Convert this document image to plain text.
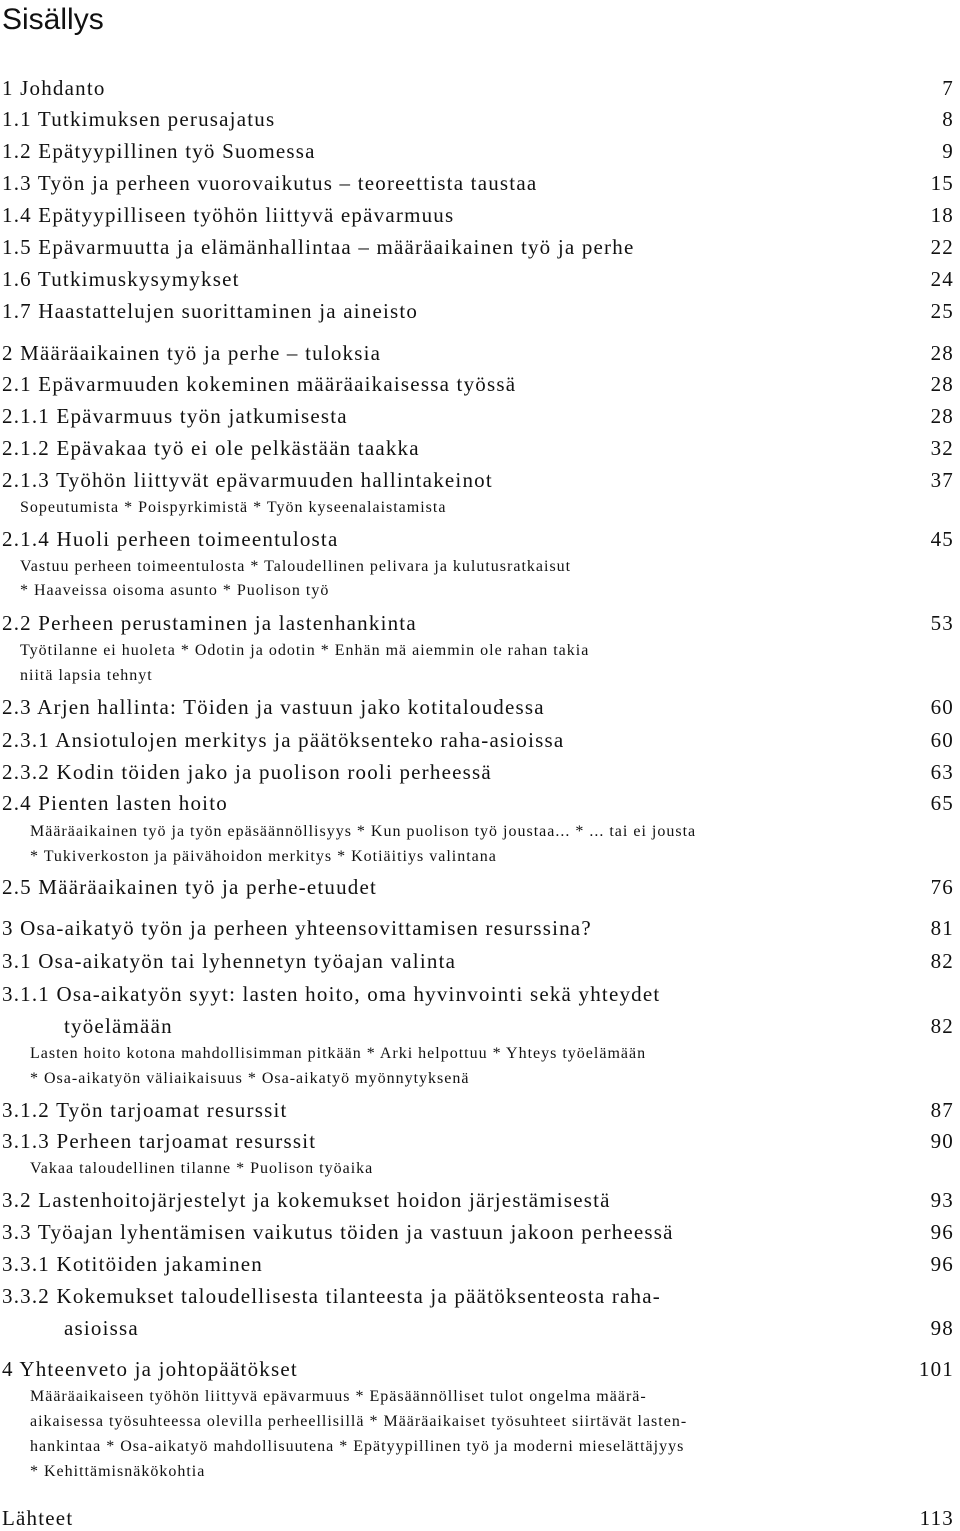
Sisällys
1 Johdanto	7
1.1 Tutkimuksen perusajatus	8
1.2 Epätyypillinen työ Suomessa	9
1.3 Työn ja perheen vuorovaikutus – teoreettista taustaa	15
1.4 Epätyypilliseen työhön liittyvä epävarmuus	18
1.5 Epävarmuutta ja elämänhallintaa – määräaikainen työ ja perhe	22
1.6 Tutkimuskysymykset	24
1.7 Haastattelujen suorittaminen ja aineisto	25
2 Määräaikainen työ ja perhe – tuloksia	28
2.1 Epävarmuuden kokeminen määräaikaisessa työssä	28
2.1.1 Epävarmuus työn jatkumisesta	28
2.1.2 Epävakaa työ ei ole pelkästään taakka	32
2.1.3 Työhön liittyvät epävarmuuden hallintakeinot	37
Sopeutumista * Poispyrkimistä * Työn kyseenalaistamista
2.1.4 Huoli perheen toimeentulosta	45
Vastuu perheen toimeentulosta * Taloudellinen pelivara ja kulutusratkaisut
* Haaveissa oisoma asunto * Puolison työ
2.2 Perheen perustaminen ja lastenhankinta	53
Työtilanne ei huoleta * Odotin ja odotin * Enhän mä aiemmin ole rahan takia
niitä lapsia tehnyt
2.3 Arjen hallinta: Töiden ja vastuun jako kotitaloudessa	60
2.3.1 Ansiotulojen merkitys ja päätöksenteko raha-asioissa	60
2.3.2 Kodin töiden jako ja puolison rooli perheessä	63
2.4 Pienten lasten hoito	65
Määräaikainen työ ja työn epäsäännöllisyys * Kun puolison työ joustaa... * ... tai ei jousta
* Tukiverkoston ja päivähoidon merkitys * Kotiäitiys valintana
2.5 Määräaikainen työ ja perhe-etuudet	76
3 Osa-aikatyö työn ja perheen yhteensovittamisen resurssina?	81
3.1 Osa-aikatyön tai lyhennetyn työajan valinta	82
3.1.1 Osa-aikatyön syyt: lasten hoito, oma hyvinvointi sekä yhteydet
työelämään	82
Lasten hoito kotona mahdollisimman pitkään * Arki helpottuu * Yhteys työelämään
* Osa-aikatyön väliaikaisuus * Osa-aikatyö myönnytyksenä
3.1.2 Työn tarjoamat resurssit	87
3.1.3 Perheen tarjoamat resurssit	90
Vakaa taloudellinen tilanne * Puolison työaika
3.2 Lastenhoitojärjestelyt ja kokemukset hoidon järjestämisestä	93
3.3 Työajan lyhentämisen vaikutus töiden ja vastuun jakoon perheessä	96
3.3.1 Kotitöiden jakaminen	96
3.3.2 Kokemukset taloudellisesta tilanteesta ja päätöksenteosta raha-
asioissa	98
4 Yhteenveto ja johtopäätökset	101
Määräaikaiseen työhön liittyvä epävarmuus * Epäsäännölliset tulot ongelma määrä-
aikaisessa työsuhteessa olevilla perheellisillä * Määräaikaiset työsuhteet siirtävät lasten-
hankintaa * Osa-aikatyö mahdollisuutena * Epätyypillinen työ ja moderni mieselättäjyys
* Kehittämisnäkökohtia
Lähteet	113
